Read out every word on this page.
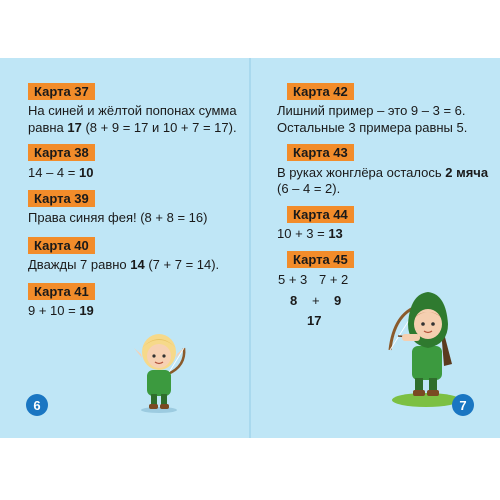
Карта 37
На синей и жёлтой попонах сумма
равна 17 (8 + 9 = 17 и 10 + 7 = 17).
Карта 38
14 – 4 = 10
Карта 39
Права синяя фея! (8 + 8 = 16)
Карта 40
Дважды 7 равно 14 (7 + 7 = 14).
Карта 41
9 + 10 = 19
6
Карта 42
Лишний пример – это 9 – 3 = 6.
Остальные 3 примера равны 5.
Карта 43
В руках жонглёра осталось 2 мяча
(6 – 4 = 2).
Карта 44
10 + 3 = 13
Карта 45
5 + 3 7 + 2
8 + 9
17
7
